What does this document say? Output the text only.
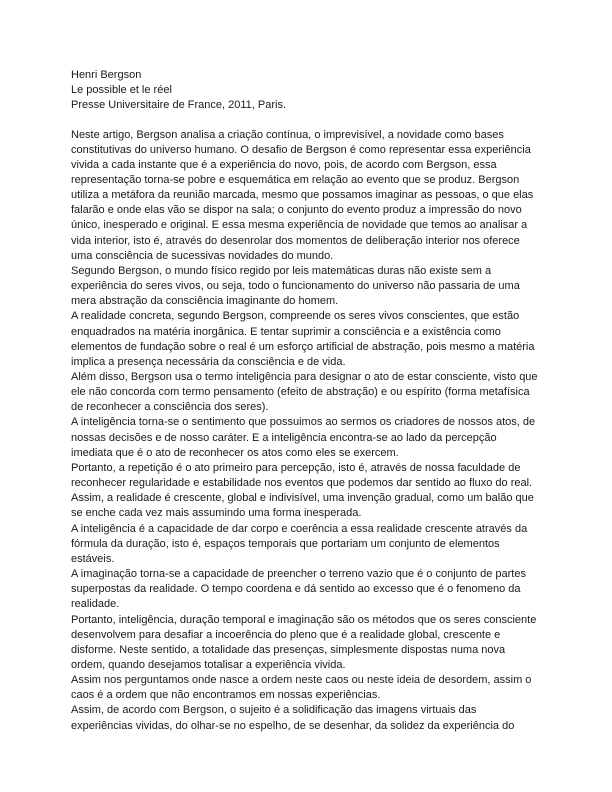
Henri Bergson
Le possible et le réel
Presse Universitaire de France, 2011, Paris.
Neste artigo, Bergson analisa a criação contínua, o imprevisível, a novidade como bases
constitutivas do universo humano. O desafio de Bergson é como representar essa experiência
vivida a cada instante que é a experiência do novo, pois, de acordo com Bergson, essa
representação torna-se pobre e esquemática em relação ao evento que se produz. Bergson
utiliza a metáfora da reunião marcada, mesmo que possamos imaginar as pessoas, o que elas
falarão e onde elas vão se dispor na sala; o conjunto do evento produz a impressão do novo
único, inesperado e original. E essa mesma experiência de novidade que temos ao analisar a
vida interior, isto é, através do desenrolar dos momentos de deliberação interior nos oferece
uma consciência de sucessivas novidades do mundo.
Segundo Bergson, o mundo físico regido por leis matemáticas duras não existe sem a
experiência do seres vivos, ou seja, todo o funcionamento do universo não passaria de uma
mera abstração da consciência imaginante do homem.
A realidade concreta, segundo Bergson, compreende os seres vivos conscientes, que estão
enquadrados na matéria inorgânica. E tentar suprimir a consciência e a existência como
elementos de fundação sobre o real é um esforço artificial de abstração, pois mesmo a matéria
implica a presença necessária da consciência e de vida.
Além disso, Bergson usa o termo inteligência para designar o ato de estar consciente, visto que
ele não concorda com termo pensamento (efeito de abstração) e ou espírito (forma metafísica
de reconhecer a consciência dos seres).
A inteligência torna-se o sentimento que possuimos ao sermos os criadores de nossos atos, de
nossas decisões e de nosso caráter. E a inteligência encontra-se ao lado da percepção
imediata que é o ato de reconhecer os atos como eles se exercem.
Portanto, a repetição é o ato primeiro para percepção, isto é, através de nossa faculdade de
reconhecer regularidade e estabilidade nos eventos que podemos dar sentido ao fluxo do real.
Assim, a realidade é crescente, global e indivisível, uma invenção gradual, como um balão que
se enche cada vez mais assumindo uma forma inesperada.
A inteligência é a capacidade de dar corpo e coerência a essa realidade crescente através da
fórmula da duração, isto é, espaços temporais que portariam um conjunto de elementos
estáveis.
A imaginação torna-se a capacidade de preencher o terreno vazio que é o conjunto de partes
superpostas da realidade. O tempo coordena e dá sentido ao excesso que é o fenomeno da
realidade.
Portanto, inteligência, duração temporal e imaginação são os métodos que os seres consciente
desenvolvem para desafiar a incoerência do pleno que é a realidade global, crescente e
disforme. Neste sentido, a totalidade das presenças, simplesmente dispostas numa nova
ordem, quando desejamos totalisar a experiência vivida.
Assim nos perguntamos onde nasce a ordem neste caos ou neste ideia de desordem, assim o
caos é a ordem que não encontramos em nossas experiências.
Assim, de acordo com Bergson, o sujeito é a solidificação das imagens virtuais das
experiências vividas, do olhar-se no espelho, de se desenhar, da solidez da experiência do
